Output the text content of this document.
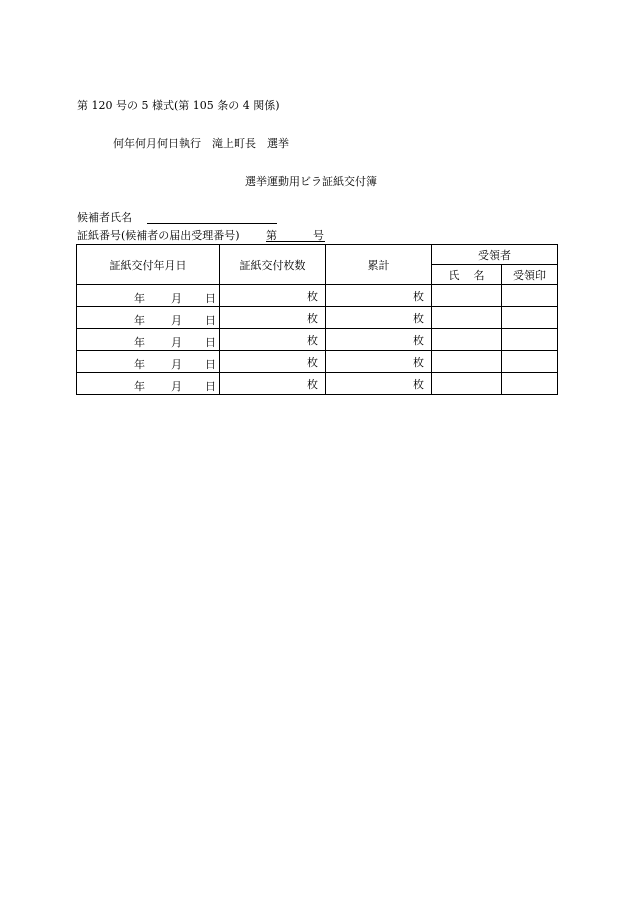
第 120 号の 5 様式(第 105 条の 4 関係)
何年何月何日執行　滝上町長　選挙
選挙運動用ビラ証紙交付簿
候補者氏名
証紙番号(候補者の届出受理番号) 第	号
証紙交付年月日	証紙交付枚数	累計	受領者	
			氏 名	受領印

年 月 日	枚	枚		

年 月 日	枚	枚		

年 月 日	枚	枚		

年 月 日	枚	枚		

年 月 日	枚	枚		
